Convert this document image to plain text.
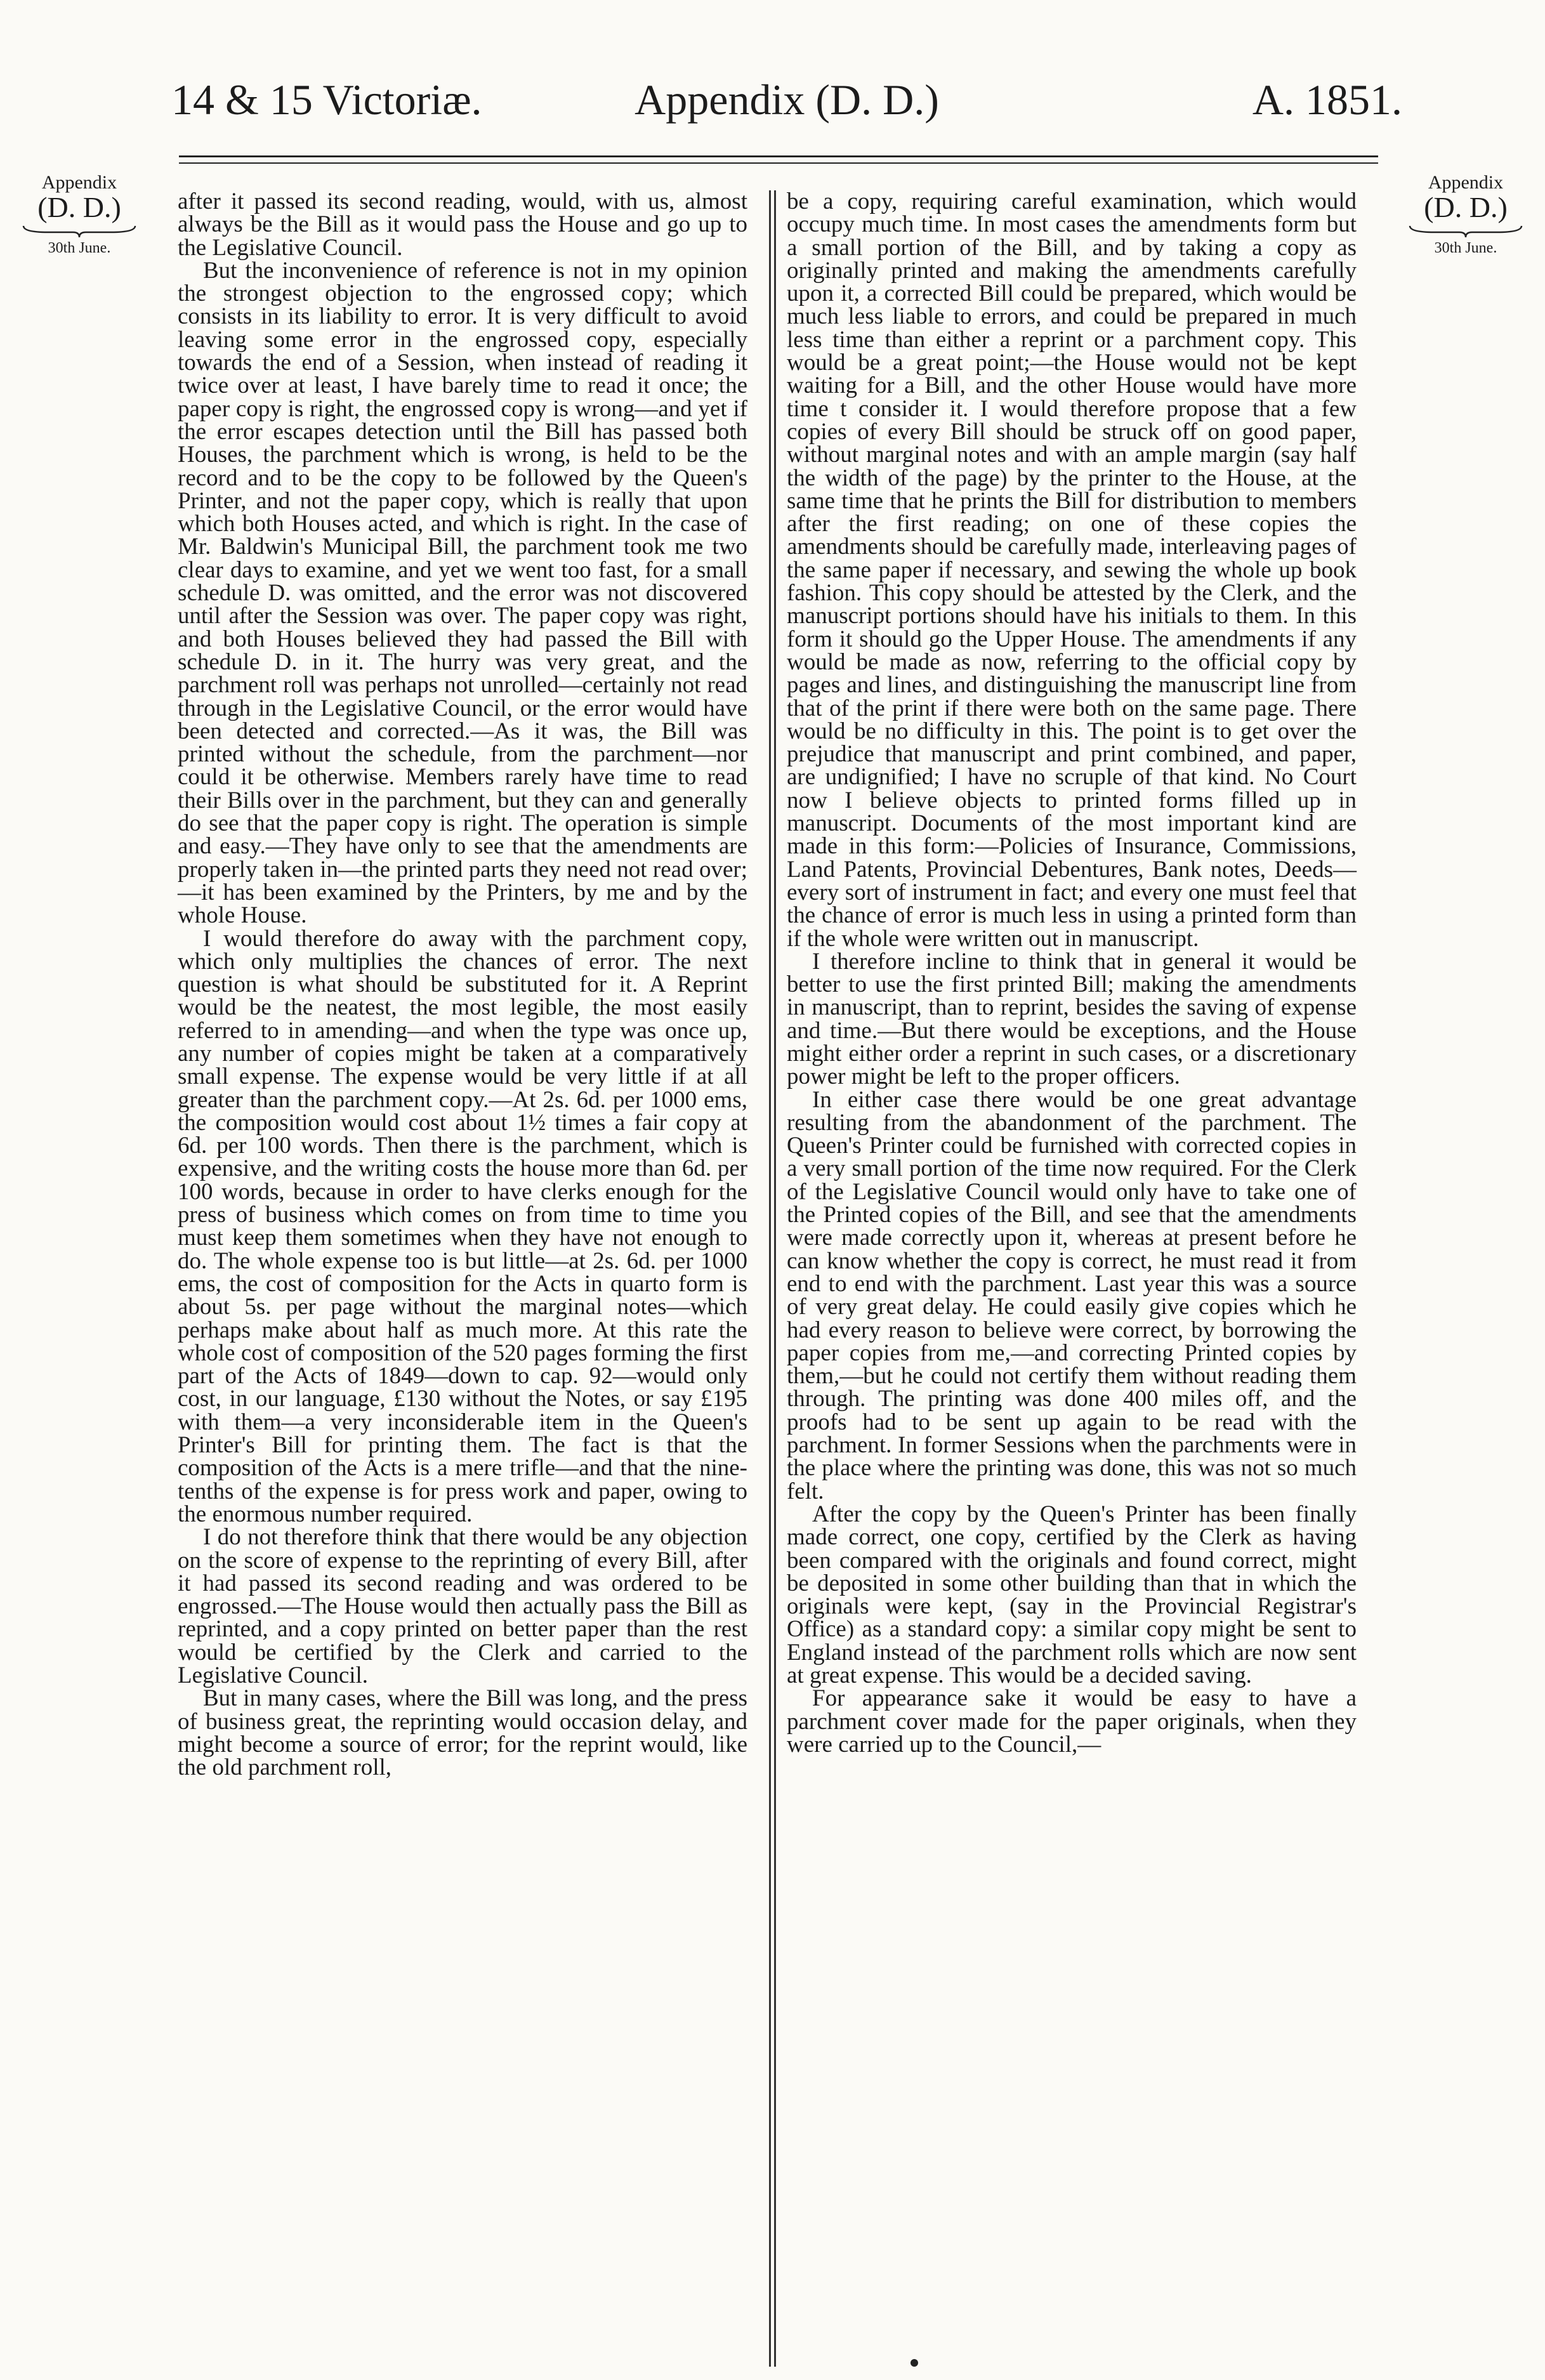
14 & 15 Victoriæ.	Appendix (D. D.)	A. 1851.
Appendix
(D. D.)
30th June.
Appendix
(D. D.)
30th June.

after it passed its second reading, would, with us, almost always be the Bill as it would pass the House and go up to the Legislative Council.

But the inconvenience of reference is not in my opinion the strongest objection to the engrossed copy; which consists in its liability to error. It is very difficult to avoid leaving some error in the engrossed copy, especially towards the end of a Session, when instead of reading it twice over at least, I have barely time to read it once; the paper copy is right, the engrossed copy is wrong—and yet if the error escapes detection until the Bill has passed both Houses, the parchment which is wrong, is held to be the record and to be the copy to be followed by the Queen's Printer, and not the paper copy, which is really that upon which both Houses acted, and which is right. In the case of Mr. Baldwin's Municipal Bill, the parchment took me two clear days to examine, and yet we went too fast, for a small schedule D. was omitted, and the error was not discovered until after the Session was over. The paper copy was right, and both Houses believed they had passed the Bill with schedule D. in it. The hurry was very great, and the parchment roll was perhaps not unrolled—certainly not read through in the Legislative Council, or the error would have been detected and corrected.—As it was, the Bill was printed without the schedule, from the parchment—nor could it be otherwise. Members rarely have time to read their Bills over in the parchment, but they can and generally do see that the paper copy is right. The operation is simple and easy.—They have only to see that the amendments are properly taken in—the printed parts they need not read over;—it has been examined by the Printers, by me and by the whole House.

I would therefore do away with the parchment copy, which only multiplies the chances of error. The next question is what should be substituted for it. A Reprint would be the neatest, the most legible, the most easily referred to in amending—and when the type was once up, any number of copies might be taken at a comparatively small expense. The expense would be very little if at all greater than the parchment copy.—At 2s. 6d. per 1000 ems, the composition would cost about 1½ times a fair copy at 6d. per 100 words. Then there is the parchment, which is expensive, and the writing costs the house more than 6d. per 100 words, because in order to have clerks enough for the press of business which comes on from time to time you must keep them sometimes when they have not enough to do. The whole expense too is but little—at 2s. 6d. per 1000 ems, the cost of composition for the Acts in quarto form is about 5s. per page without the marginal notes—which perhaps make about half as much more. At this rate the whole cost of composition of the 520 pages forming the first part of the Acts of 1849—down to cap. 92—would only cost, in our language, £130 without the Notes, or say £195 with them—a very inconsiderable item in the Queen's Printer's Bill for printing them. The fact is that the composition of the Acts is a mere trifle—and that the nine-tenths of the expense is for press work and paper, owing to the enormous number required.

I do not therefore think that there would be any objection on the score of expense to the reprinting of every Bill, after it had passed its second reading and was ordered to be engrossed.—The House would then actually pass the Bill as reprinted, and a copy printed on better paper than the rest would be certified by the Clerk and carried to the Legislative Council.

But in many cases, where the Bill was long, and the press of business great, the reprinting would occasion delay, and might become a source of error; for the reprint would, like the old parchment roll,

be a copy, requiring careful examination, which would occupy much time. In most cases the amendments form but a small portion of the Bill, and by taking a copy as originally printed and making the amendments carefully upon it, a corrected Bill could be prepared, which would be much less liable to errors, and could be prepared in much less time than either a reprint or a parchment copy. This would be a great point;—the House would not be kept waiting for a Bill, and the other House would have more time t consider it. I would therefore propose that a few copies of every Bill should be struck off on good paper, without marginal notes and with an ample margin (say half the width of the page) by the printer to the House, at the same time that he prints the Bill for distribution to members after the first reading; on one of these copies the amendments should be carefully made, interleaving pages of the same paper if necessary, and sewing the whole up book fashion. This copy should be attested by the Clerk, and the manuscript portions should have his initials to them. In this form it should go the Upper House. The amendments if any would be made as now, referring to the official copy by pages and lines, and distinguishing the manuscript line from that of the print if there were both on the same page. There would be no difficulty in this. The point is to get over the prejudice that manuscript and print combined, and paper, are undignified; I have no scruple of that kind. No Court now I believe objects to printed forms filled up in manuscript. Documents of the most important kind are made in this form:—Policies of Insurance, Commissions, Land Patents, Provincial Debentures, Bank notes, Deeds—every sort of instrument in fact; and every one must feel that the chance of error is much less in using a printed form than if the whole were written out in manuscript.

I therefore incline to think that in general it would be better to use the first printed Bill; making the amendments in manuscript, than to reprint, besides the saving of expense and time.—But there would be exceptions, and the House might either order a reprint in such cases, or a discretionary power might be left to the proper officers.

In either case there would be one great advantage resulting from the abandonment of the parchment. The Queen's Printer could be furnished with corrected copies in a very small portion of the time now required. For the Clerk of the Legislative Council would only have to take one of the Printed copies of the Bill, and see that the amendments were made correctly upon it, whereas at present before he can know whether the copy is correct, he must read it from end to end with the parchment. Last year this was a source of very great delay. He could easily give copies which he had every reason to believe were correct, by borrowing the paper copies from me,—and correcting Printed copies by them,—but he could not certify them without reading them through. The printing was done 400 miles off, and the proofs had to be sent up again to be read with the parchment. In former Sessions when the parchments were in the place where the printing was done, this was not so much felt.

After the copy by the Queen's Printer has been finally made correct, one copy, certified by the Clerk as having been compared with the originals and found correct, might be deposited in some other building than that in which the originals were kept, (say in the Provincial Registrar's Office) as a standard copy: a similar copy might be sent to England instead of the parchment rolls which are now sent at great expense. This would be a decided saving.

For appearance sake it would be easy to have a parchment cover made for the paper originals, when they were carried up to the Council,—
